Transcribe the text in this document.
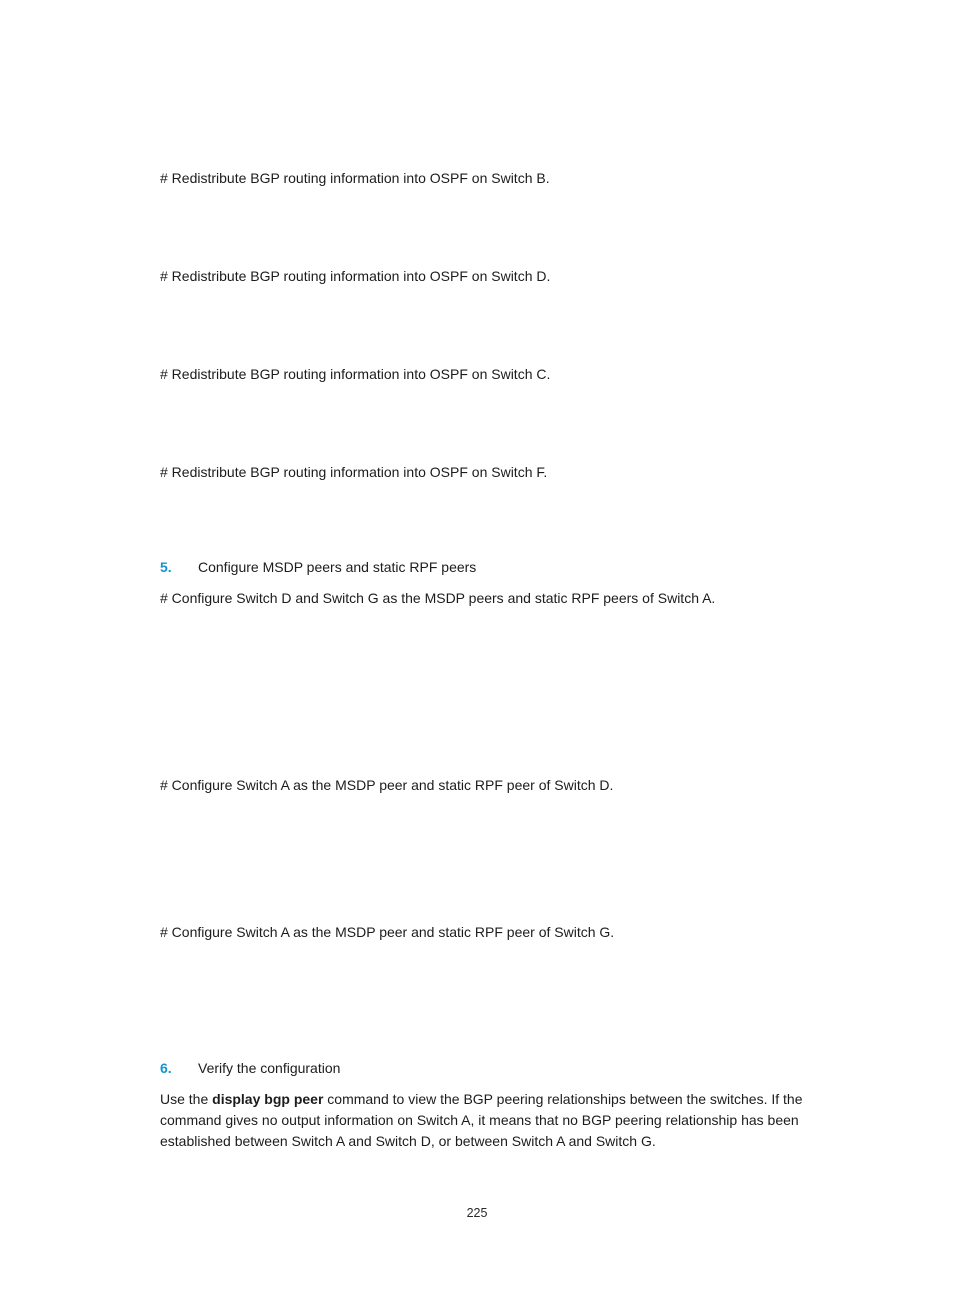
# Redistribute BGP routing information into OSPF on Switch B.

# Redistribute BGP routing information into OSPF on Switch D.

# Redistribute BGP routing information into OSPF on Switch C.

# Redistribute BGP routing information into OSPF on Switch F.

5. Configure MSDP peers and static RPF peers

# Configure Switch D and Switch G as the MSDP peers and static RPF peers of Switch A.

# Configure Switch A as the MSDP peer and static RPF peer of Switch D.

# Configure Switch A as the MSDP peer and static RPF peer of Switch G.

6. Verify the configuration

Use the display bgp peer command to view the BGP peering relationships between the switches. If the command gives no output information on Switch A, it means that no BGP peering relationship has been established between Switch A and Switch D, or between Switch A and Switch G.

225
